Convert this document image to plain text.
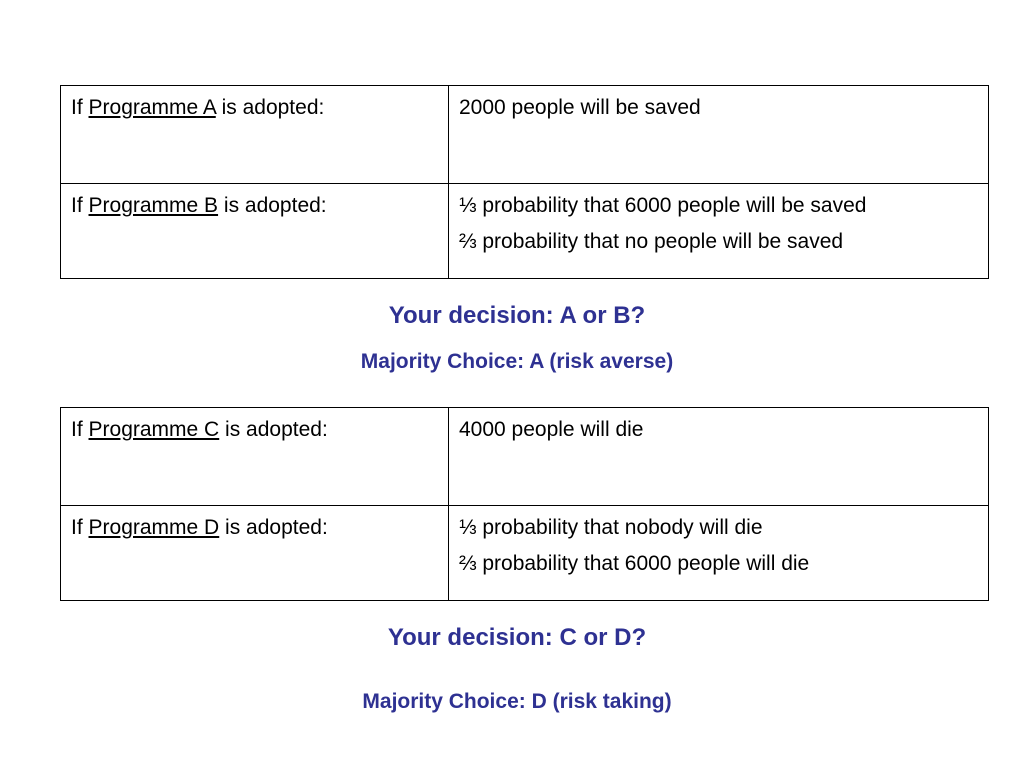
If Programme A is adopted:	2000 people will be saved

If Programme B is adopted:	⅓ probability that 6000 people will be saved
⅔ probability that no people will be saved
Your decision: A or B?
Majority Choice: A (risk averse)
If Programme C is adopted:	4000 people will die

If Programme D is adopted:	⅓ probability that nobody will die
⅔ probability that 6000 people will die
Your decision: C or D?
Majority Choice: D (risk taking)
